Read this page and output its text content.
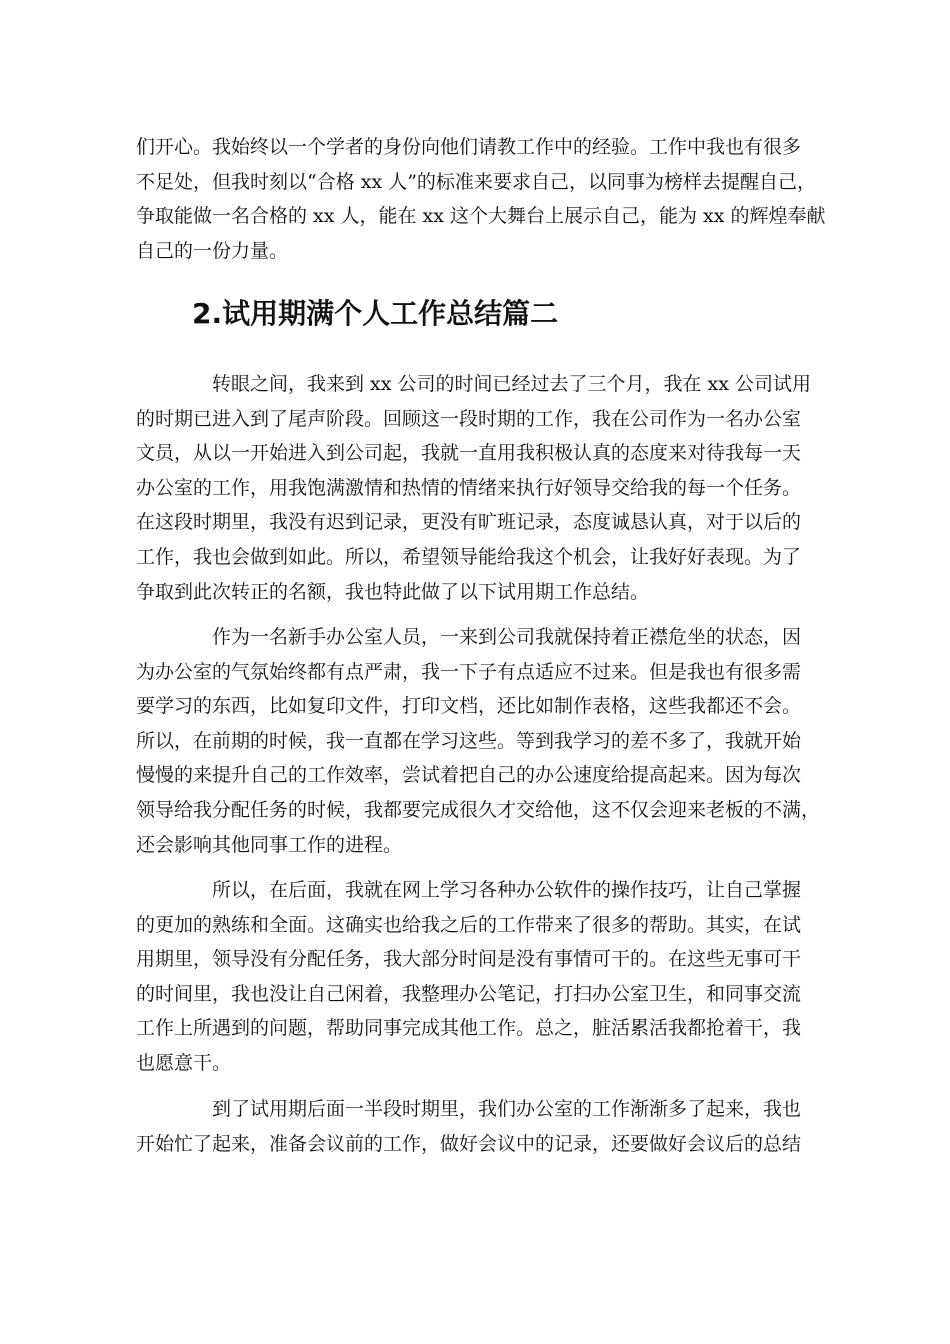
们开心。我始终以一个学者的身份向他们请教工作中的经验。工作中我也有很多
不足处，但我时刻以“合格 xx 人”的标准来要求自己，以同事为榜样去提醒自己，
争取能做一名合格的 xx 人，能在 xx 这个大舞台上展示自己，能为 xx 的辉煌奉献
自己的一份力量。

2.试用期满个人工作总结篇二

转眼之间，我来到 xx 公司的时间已经过去了三个月，我在 xx 公司试用
的时期已进入到了尾声阶段。回顾这一段时期的工作，我在公司作为一名办公室
文员，从以一开始进入到公司起，我就一直用我积极认真的态度来对待我每一天
办公室的工作，用我饱满激情和热情的情绪来执行好领导交给我的每一个任务。
在这段时期里，我没有迟到记录，更没有旷班记录，态度诚恳认真，对于以后的
工作，我也会做到如此。所以，希望领导能给我这个机会，让我好好表现。为了
争取到此次转正的名额，我也特此做了以下试用期工作总结。

作为一名新手办公室人员，一来到公司我就保持着正襟危坐的状态，因
为办公室的气氛始终都有点严肃，我一下子有点适应不过来。但是我也有很多需
要学习的东西，比如复印文件，打印文档，还比如制作表格，这些我都还不会。
所以，在前期的时候，我一直都在学习这些。等到我学习的差不多了，我就开始
慢慢的来提升自己的工作效率，尝试着把自己的办公速度给提高起来。因为每次
领导给我分配任务的时候，我都要完成很久才交给他，这不仅会迎来老板的不满，
还会影响其他同事工作的进程。

所以，在后面，我就在网上学习各种办公软件的操作技巧，让自己掌握
的更加的熟练和全面。这确实也给我之后的工作带来了很多的帮助。其实，在试
用期里，领导没有分配任务，我大部分时间是没有事情可干的。在这些无事可干
的时间里，我也没让自己闲着，我整理办公笔记，打扫办公室卫生，和同事交流
工作上所遇到的问题，帮助同事完成其他工作。总之，脏活累活我都抢着干，我
也愿意干。

到了试用期后面一半段时期里，我们办公室的工作渐渐多了起来，我也
开始忙了起来，准备会议前的工作，做好会议中的记录，还要做好会议后的总结
